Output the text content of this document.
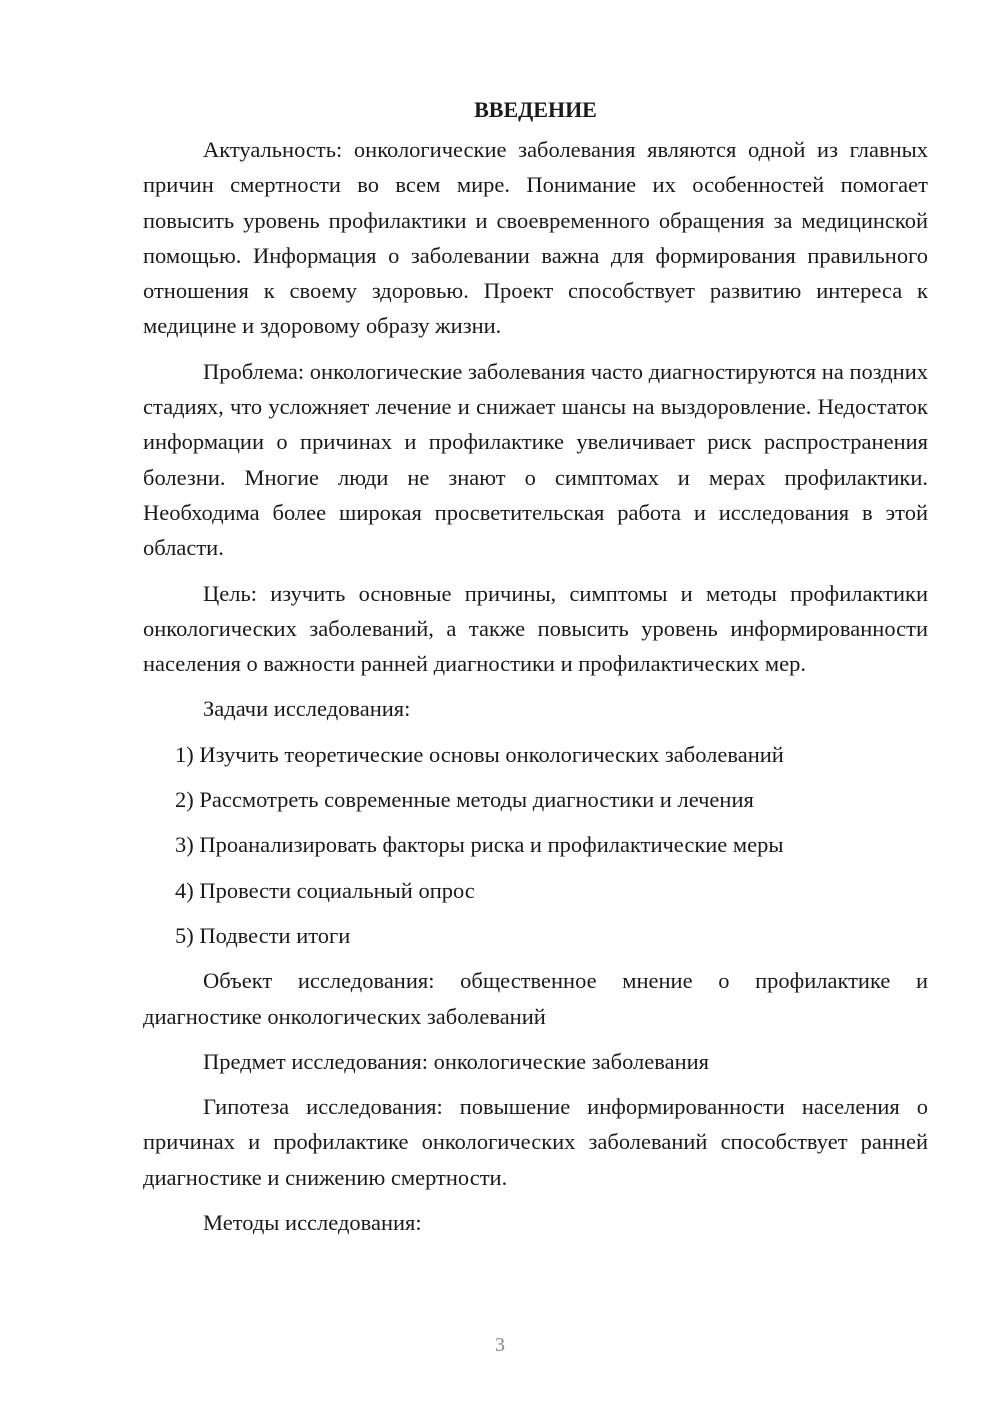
ВВЕДЕНИЕ

Актуальность: онкологические заболевания являются одной из главных причин смертности во всем мире. Понимание их особенностей помогает повысить уровень профилактики и своевременного обращения за медицинской помощью. Информация о заболевании важна для формирования правильного отношения к своему здоровью. Проект способствует развитию интереса к медицине и здоровому образу жизни.

Проблема: онкологические заболевания часто диагностируются на поздних стадиях, что усложняет лечение и снижает шансы на выздоровление. Недостаток информации о причинах и профилактике увеличивает риск распространения болезни. Многие люди не знают о симптомах и мерах профилактики. Необходима более широкая просветительская работа и исследования в этой области.

Цель: изучить основные причины, симптомы и методы профилактики онкологических заболеваний, а также повысить уровень информированности населения о важности ранней диагностики и профилактических мер.

Задачи исследования:

1) Изучить теоретические основы онкологических заболеваний
2) Рассмотреть современные методы диагностики и лечения
3) Проанализировать факторы риска и профилактические меры
4) Провести социальный опрос
5) Подвести итоги

Объект исследования: общественное мнение о профилактике и диагностике онкологических заболеваний

Предмет исследования: онкологические заболевания

Гипотеза исследования: повышение информированности населения о причинах и профилактике онкологических заболеваний способствует ранней диагностике и снижению смертности.

Методы исследования:

3
